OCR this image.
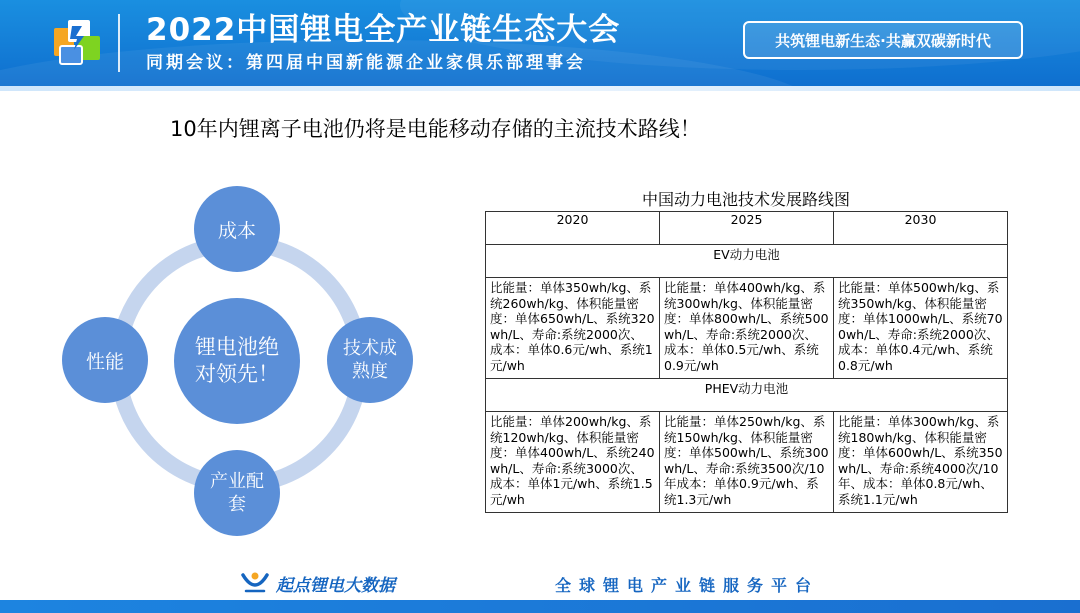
2022中国锂电全产业链生态大会
同期会议：第四届中国新能源企业家俱乐部理事会
共筑锂电新生态·共赢双碳新时代
10年内锂离子电池仍将是电能移动存储的主流技术路线！
锂电池绝对领先！
成本
性能
技术成熟度
产业配套
中国动力电池技术发展路线图
2020	2025	2030
EV动力电池		
比能量：单体350wh/kg、系统260wh/kg、体积能量密度：单体650wh/L、系统320wh/L、寿命:系统2000次、成本：单体0.6元/wh、系统1元/wh	比能量：单体400wh/kg、系统300wh/kg、体积能量密度：单体800wh/L、系统500wh/L、寿命:系统2000次、成本：单体0.5元/wh、系统0.9元/wh	比能量：单体500wh/kg、系统350wh/kg、体积能量密度：单体1000wh/L、系统700wh/L、寿命:系统2000次、成本：单体0.4元/wh、系统0.8元/wh
PHEV动力电池		
比能量：单体200wh/kg、系统120wh/kg、体积能量密度：单体400wh/L、系统240wh/L、寿命:系统3000次、成本：单体1元/wh、系统1.5元/wh	比能量：单体250wh/kg、系统150wh/kg、体积能量密度：单体500wh/L、系统300wh/L、寿命:系统3500次/10年成本：单体0.9元/wh、系统1.3元/wh	比能量：单体300wh/kg、系统180wh/kg、体积能量密度：单体600wh/L、系统350wh/L、寿命:系统4000次/10年、成本：单体0.8元/wh、系统1.1元/wh
起点锂电大数据	全球锂电产业链服务平台
